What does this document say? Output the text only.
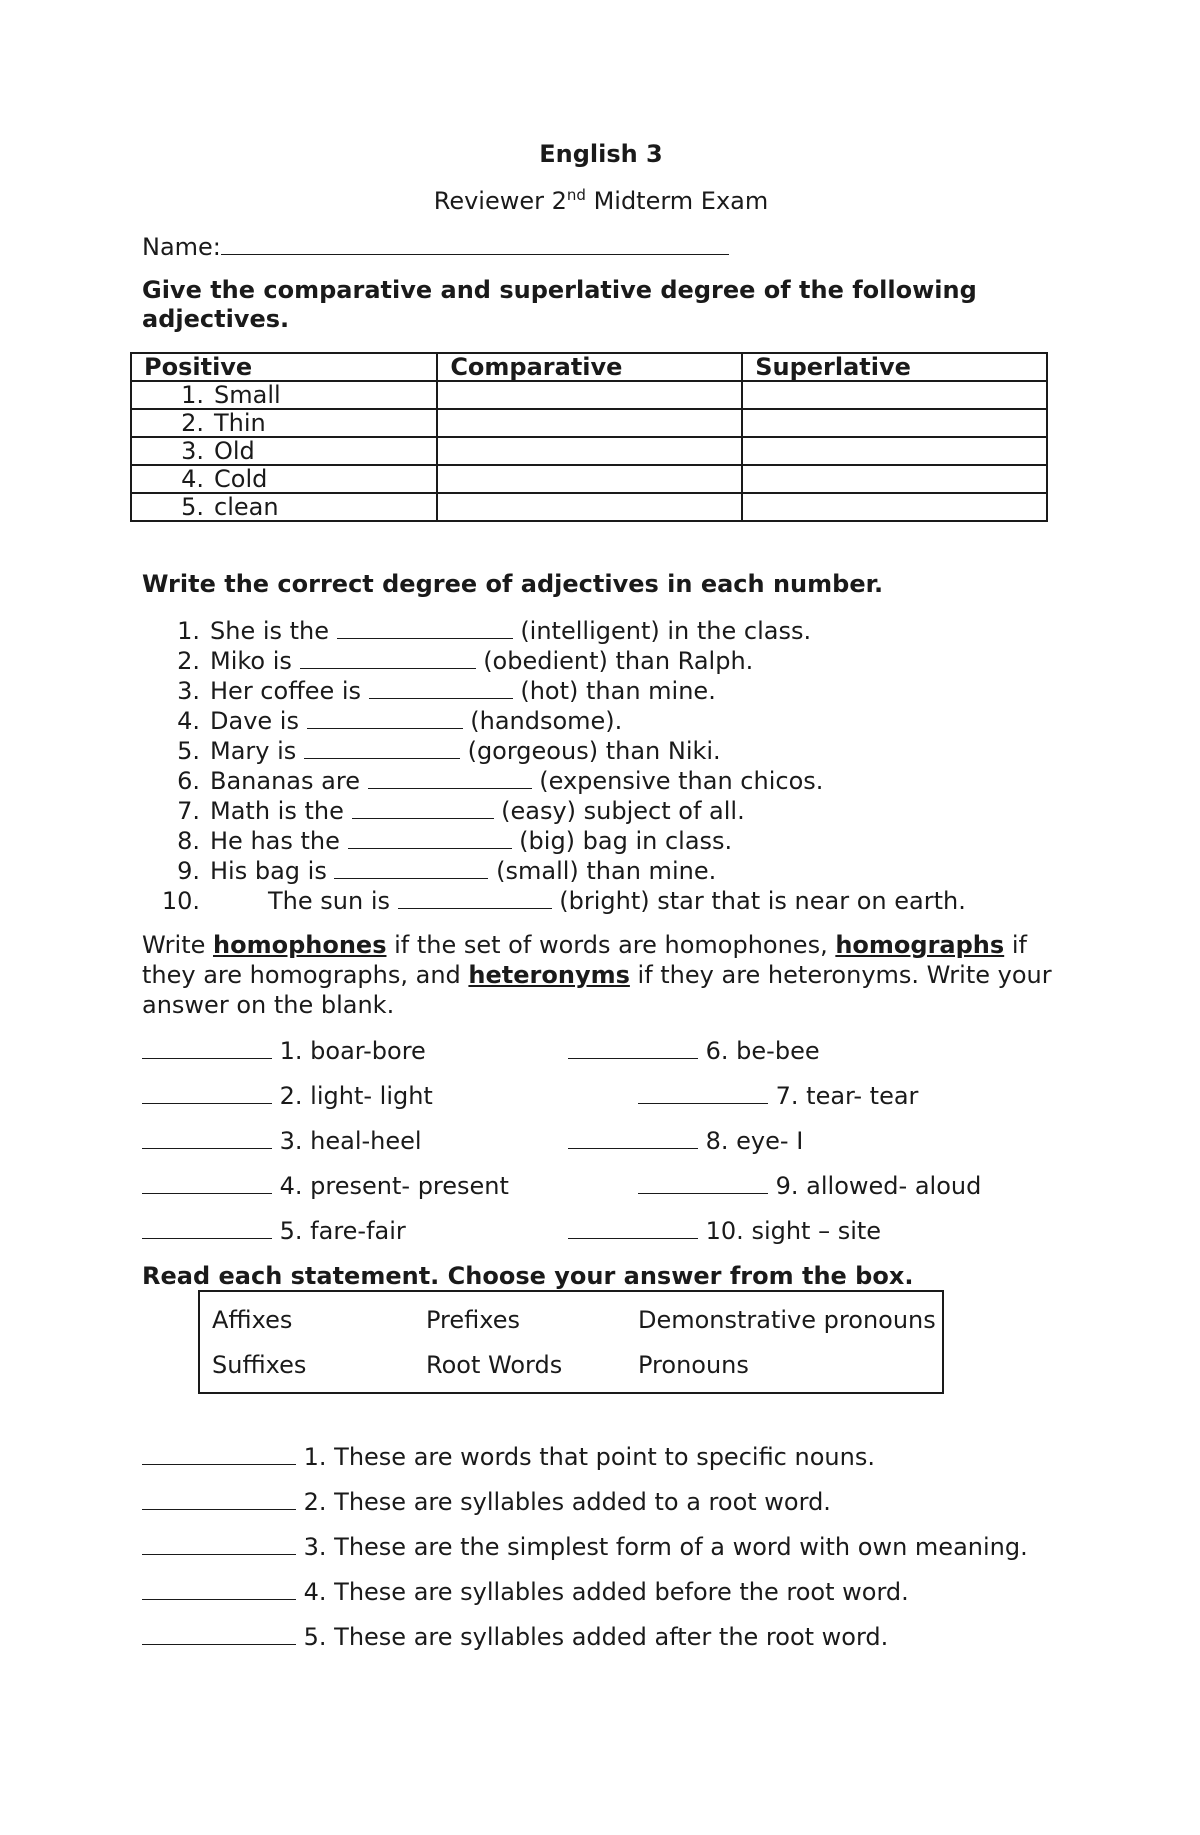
English 3
Reviewer 2nd Midterm Exam
Name:
Give the comparative and superlative degree of the following adjectives.
Positive	Comparative	Superlative
1. Small		
2. Thin		
3. Old		
4. Cold		
5. clean		
Write the correct degree of adjectives in each number.
1. She is the	(intelligent) in the class.
2. Miko is	(obedient) than Ralph.
3. Her coffee is	(hot) than mine.
4. Dave is	(handsome).
5. Mary is	(gorgeous) than Niki.
6. Bananas are	(expensive than chicos.
7. Math is the	(easy) subject of all.
8. He has the	(big) bag in class.
9. His bag is	(small) than mine.
10.	The sun is	(bright) star that is near on earth.
Write homophones if the set of words are homophones, homographs if they are homographs, and heteronyms if they are heteronyms. Write your answer on the blank.
1. boar-bore	6. be-bee
2. light- light	7. tear- tear
3. heal-heel	8. eye- I
4. present- present	9. allowed- aloud
5. fare-fair	10. sight – site
Read each statement. Choose your answer from the box.
Affixes	Prefixes	Demonstrative pronouns
Suffixes	Root Words	Pronouns
1. These are words that point to specific nouns.
2. These are syllables added to a root word.
3. These are the simplest form of a word with own meaning.
4. These are syllables added before the root word.
5. These are syllables added after the root word.
